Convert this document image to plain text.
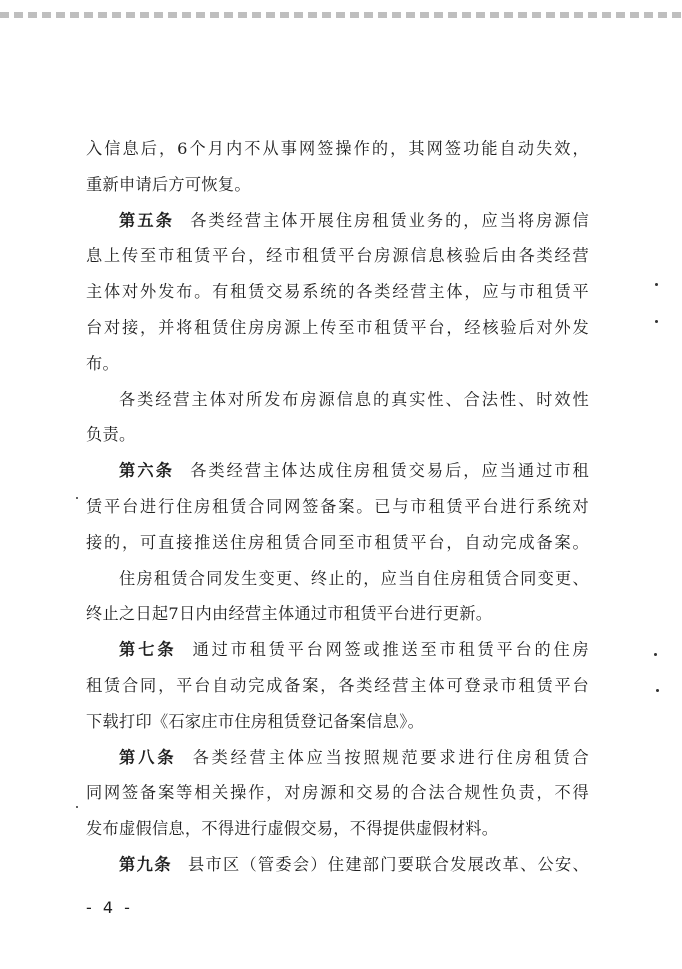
入信息后，6个月内不从事网签操作的，其网签功能自动失效，
重新申请后方可恢复。
第五条 各类经营主体开展住房租赁业务的，应当将房源信
息上传至市租赁平台，经市租赁平台房源信息核验后由各类经营
主体对外发布。有租赁交易系统的各类经营主体，应与市租赁平
台对接，并将租赁住房房源上传至市租赁平台，经核验后对外发
布。
各类经营主体对所发布房源信息的真实性、合法性、时效性
负责。
第六条 各类经营主体达成住房租赁交易后，应当通过市租
赁平台进行住房租赁合同网签备案。已与市租赁平台进行系统对
接的，可直接推送住房租赁合同至市租赁平台，自动完成备案。
住房租赁合同发生变更、终止的，应当自住房租赁合同变更、
终止之日起7日内由经营主体通过市租赁平台进行更新。
第七条 通过市租赁平台网签或推送至市租赁平台的住房
租赁合同，平台自动完成备案，各类经营主体可登录市租赁平台
下载打印《石家庄市住房租赁登记备案信息》。
第八条 各类经营主体应当按照规范要求进行住房租赁合
同网签备案等相关操作，对房源和交易的合法合规性负责，不得
发布虚假信息，不得进行虚假交易，不得提供虚假材料。
第九条 县市区（管委会）住建部门要联合发展改革、公安、
- 4 -
